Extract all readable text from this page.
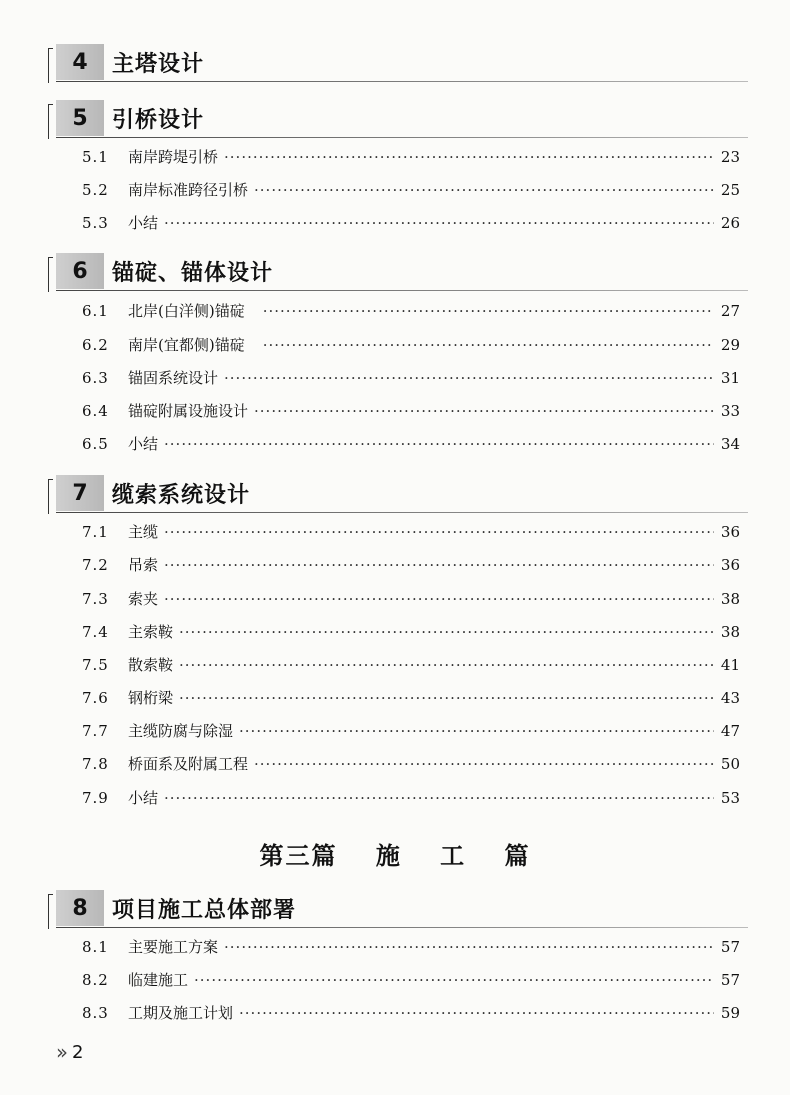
4	主塔设计
5	引桥设计
5.1	南岸跨堤引桥 ·····	23
5.2	南岸标准跨径引桥 ·····	25
5.3	小结 ·····	26
6	锚碇、锚体设计
6.1	北岸(白洋侧)锚碇 ·····	27
6.2	南岸(宜都侧)锚碇 ·····	29
6.3	锚固系统设计 ·····	31
6.4	锚碇附属设施设计 ·····	33
6.5	小结 ·····	34
7	缆索系统设计
7.1	主缆 ·····	36
7.2	吊索 ·····	36
7.3	索夹 ·····	38
7.4	主索鞍 ·····	38
7.5	散索鞍 ·····	41
7.6	钢桁梁 ·····	43
7.7	主缆防腐与除湿 ·····	47
7.8	桥面系及附属工程 ·····	50
7.9	小结 ·····	53
第三篇 施 工 篇
8	项目施工总体部署
8.1	主要施工方案 ·····	57
8.2	临建施工 ·····	57
8.3	工期及施工计划 ·····	59
›› 2
